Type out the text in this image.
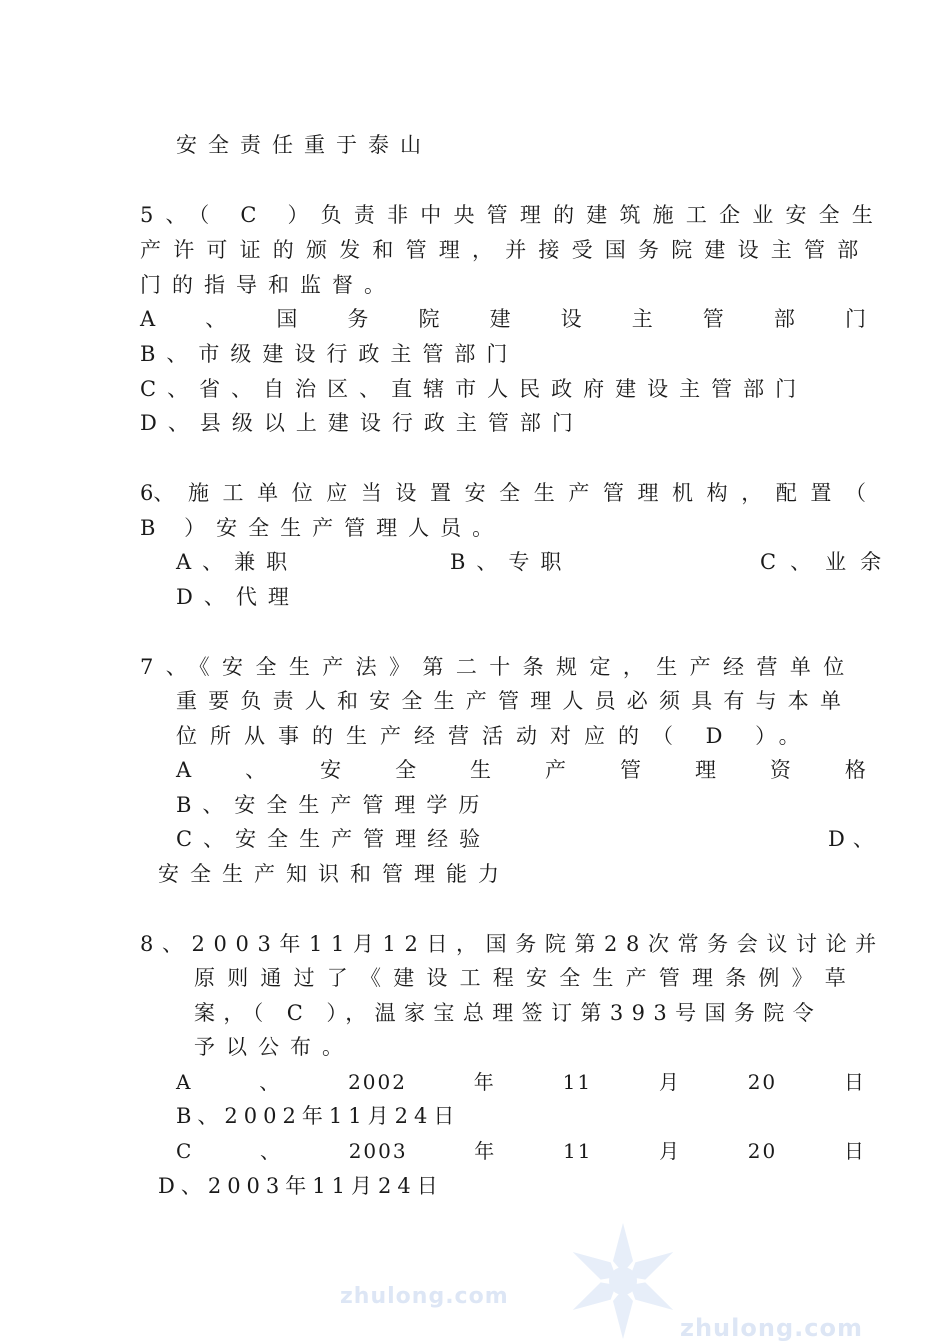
安全责任重于泰山
5、（ C ）负责非中央管理的建筑施工企业安全生
产许可证的颁发和管理，并接受国务院建设主管部
门的指导和监督。
A 、 国 务 院 建 设 主 管 部 门
B、市级建设行政主管部门
C、省、自治区、直辖市人民政府建设主管部门
D、县级以上建设行政主管部门
6、 施 工 单 位 应 当 设 置 安 全 生 产 管 理 机 构 ， 配 置 （
B ）安全生产管理人员。
A、兼职	B、专职	C、业余
D、代理
7、《安全生产法》第二十条规定，生产经营单位
重要负责人和安全生产管理人员必须具有与本单
位所从事的生产经营活动对应的（ D ）。
A	、	安	全	生	产	管	理	资	格
B、安全生产管理学历
C、安全生产管理经验	D、
安全生产知识和管理能力
8、2003年11月12日，国务院第28次常务会议讨论并
原则通过了《建设工程安全生产管理条例》草
案，（ C ），温家宝总理签订第393号国务院令
予以公布。
A	、	2002	年	11	月	20	日
B、2002年11月24日
C	、	2003	年	11	月	20	日
D、2003年11月24日
zhulong.com
zhulong.com
